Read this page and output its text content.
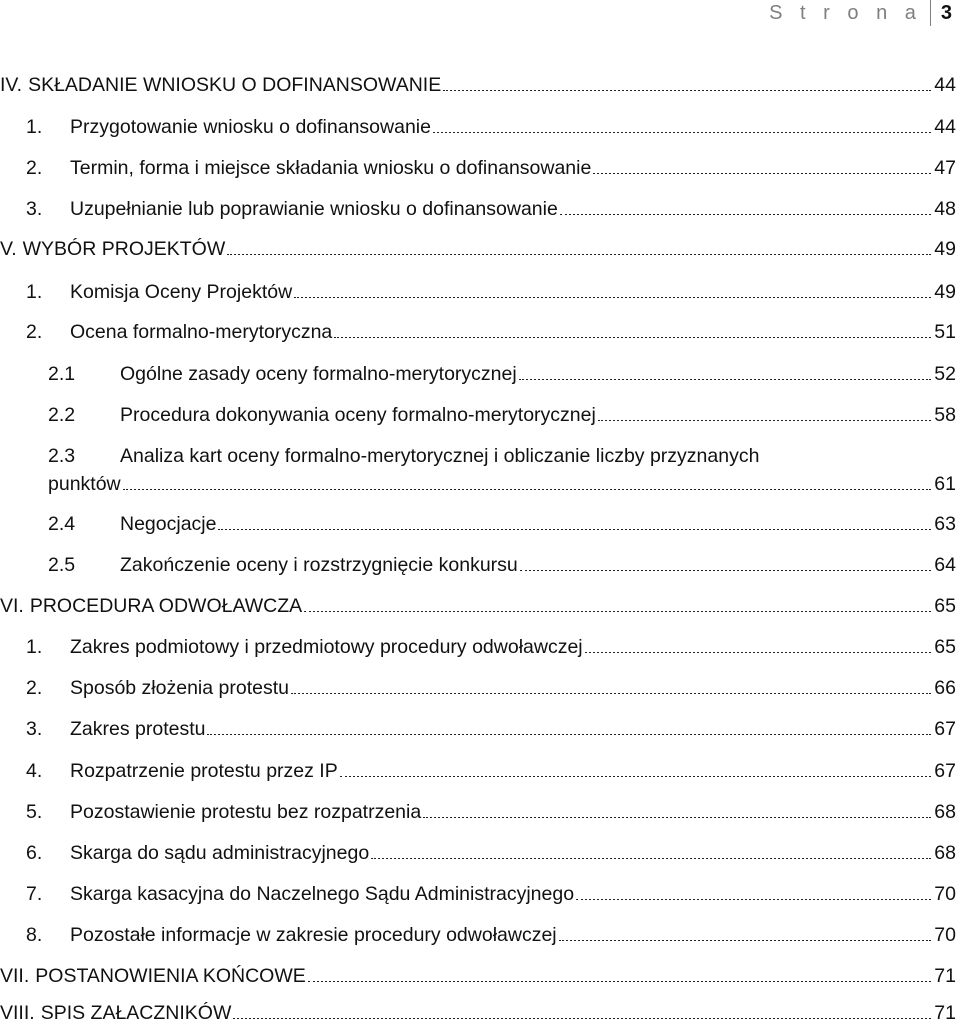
S t r o n a 3
IV. SKŁADANIE WNIOSKU O DOFINANSOWANIE	44
1.	Przygotowanie wniosku o dofinansowanie	44
2.	Termin, forma i miejsce składania wniosku o dofinansowanie	47
3.	Uzupełnianie lub poprawianie wniosku o dofinansowanie	48
V. WYBÓR PROJEKTÓW	49
1.	Komisja Oceny Projektów	49
2.	Ocena formalno-merytoryczna	51
2.1	Ogólne zasady oceny formalno-merytorycznej	52
2.2	Procedura dokonywania oceny formalno-merytorycznej	58
2.3	Analiza kart oceny formalno-merytorycznej i obliczanie liczby przyznanych
punktów	61
2.4	Negocjacje	63
2.5	Zakończenie oceny i rozstrzygnięcie konkursu	64
VI. PROCEDURA ODWOŁAWCZA	65
1.	Zakres podmiotowy i przedmiotowy procedury odwoławczej	65
2.	Sposób złożenia protestu	66
3.	Zakres protestu	67
4.	Rozpatrzenie protestu przez IP	67
5.	Pozostawienie protestu bez rozpatrzenia	68
6.	Skarga do sądu administracyjnego	68
7.	Skarga kasacyjna do Naczelnego Sądu Administracyjnego	70
8.	Pozostałe informacje w zakresie procedury odwoławczej	70
VII. POSTANOWIENIA KOŃCOWE	71
VIII. SPIS ZAŁACZNIKÓW	71
